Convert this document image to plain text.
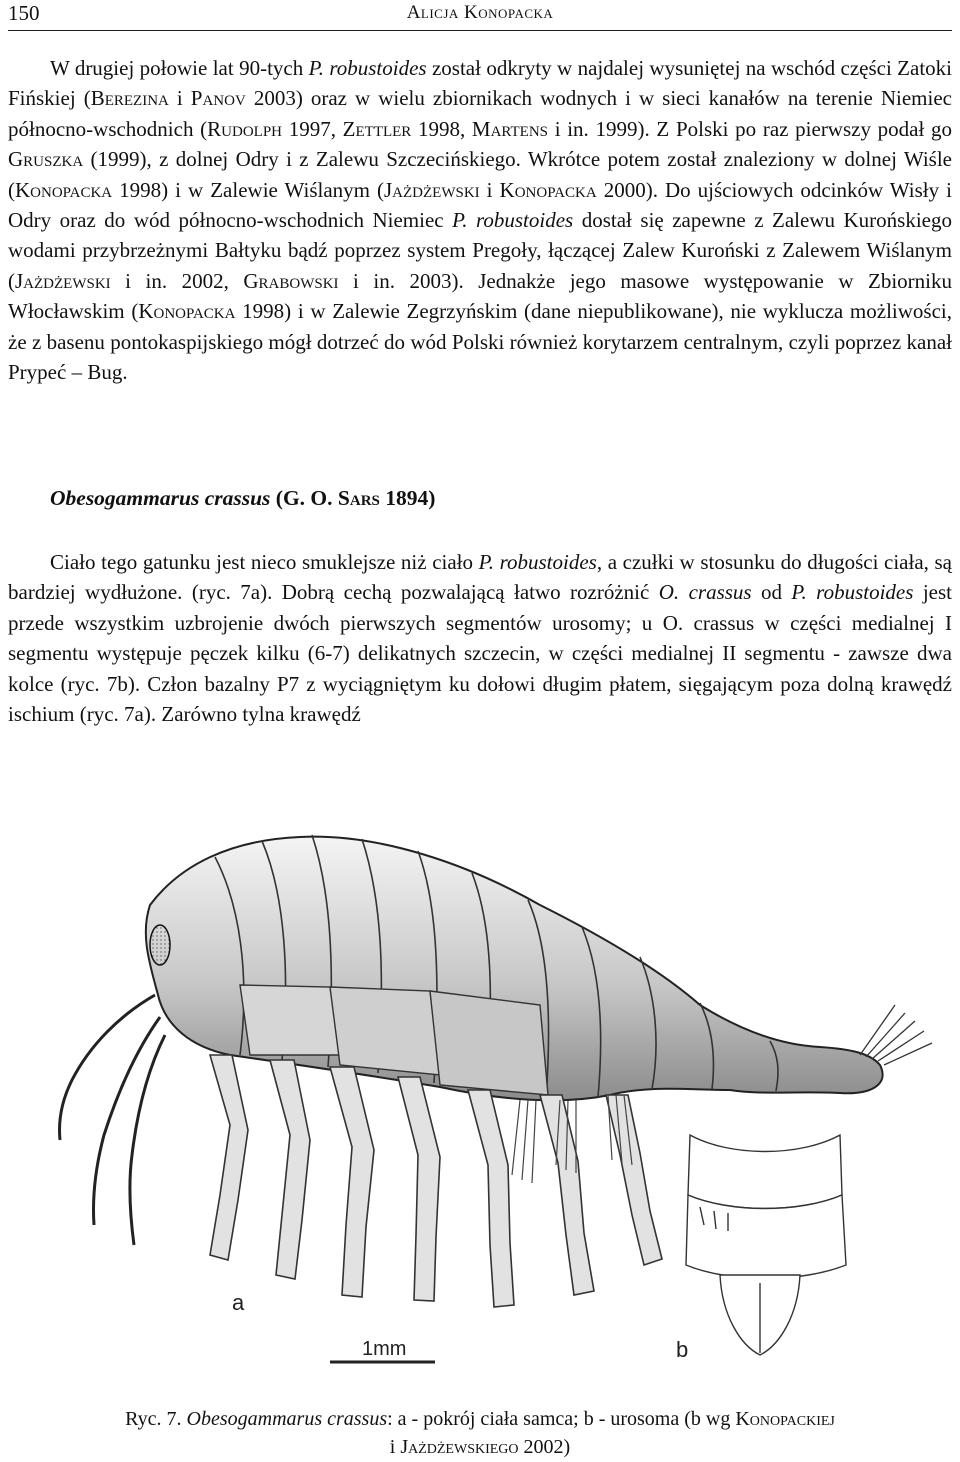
150	Alicja Konopacka

W drugiej połowie lat 90-tych P. robustoides został odkryty w najdalej wysuniętej na wschód części Zatoki Fińskiej (Berezina i Panov 2003) oraz w wielu zbiornikach wodnych i w sieci kanałów na terenie Niemiec północno-wschodnich (Rudolph 1997, Zettler 1998, Martens i in. 1999). Z Polski po raz pierwszy podał go Gruszka (1999), z dolnej Odry i z Zalewu Szczecińskiego. Wkrótce potem został znaleziony w dolnej Wiśle (Konopacka 1998) i w Zalewie Wiślanym (Jażdżewski i Konopacka 2000). Do ujściowych odcinków Wisły i Odry oraz do wód północno-wschodnich Niemiec P. robustoides dostał się zapewne z Zalewu Kurońskiego wodami przybrzeżnymi Bałtyku bądź poprzez system Pregoły, łączącej Zalew Kuroński z Zalewem Wiślanym (Jażdżewski i in. 2002, Grabowski i in. 2003). Jednakże jego masowe występowanie w Zbiorniku Włocławskim (Konopacka 1998) i w Zalewie Zegrzyńskim (dane niepublikowane), nie wyklucza możliwości, że z basenu pontokaspijskiego mógł dotrzeć do wód Polski również korytarzem centralnym, czyli poprzez kanał Prypeć – Bug.

Obesogammarus crassus (G. O. Sars 1894)

Ciało tego gatunku jest nieco smuklejsze niż ciało P. robustoides, a czułki w stosunku do długości ciała, są bardziej wydłużone. (ryc. 7a). Dobrą cechą pozwalającą łatwo rozróżnić O. crassus od P. robustoides jest przede wszystkim uzbrojenie dwóch pierwszych segmentów urosomy; u O. crassus w części medialnej I segmentu występuje pęczek kilku (6-7) delikatnych szczecin, w części medialnej II segmentu - zawsze dwa kolce (ryc. 7b). Człon bazalny P7 z wyciągniętym ku dołowi długim płatem, sięgającym poza dolną krawędź ischium (ryc. 7a). Zarówno tylna krawędź

a
b
1mm

Ryc. 7. Obesogammarus crassus: a - pokrój ciała samca; b - urosoma (b wg Konopackiej
i Jażdżewskiego 2002)
